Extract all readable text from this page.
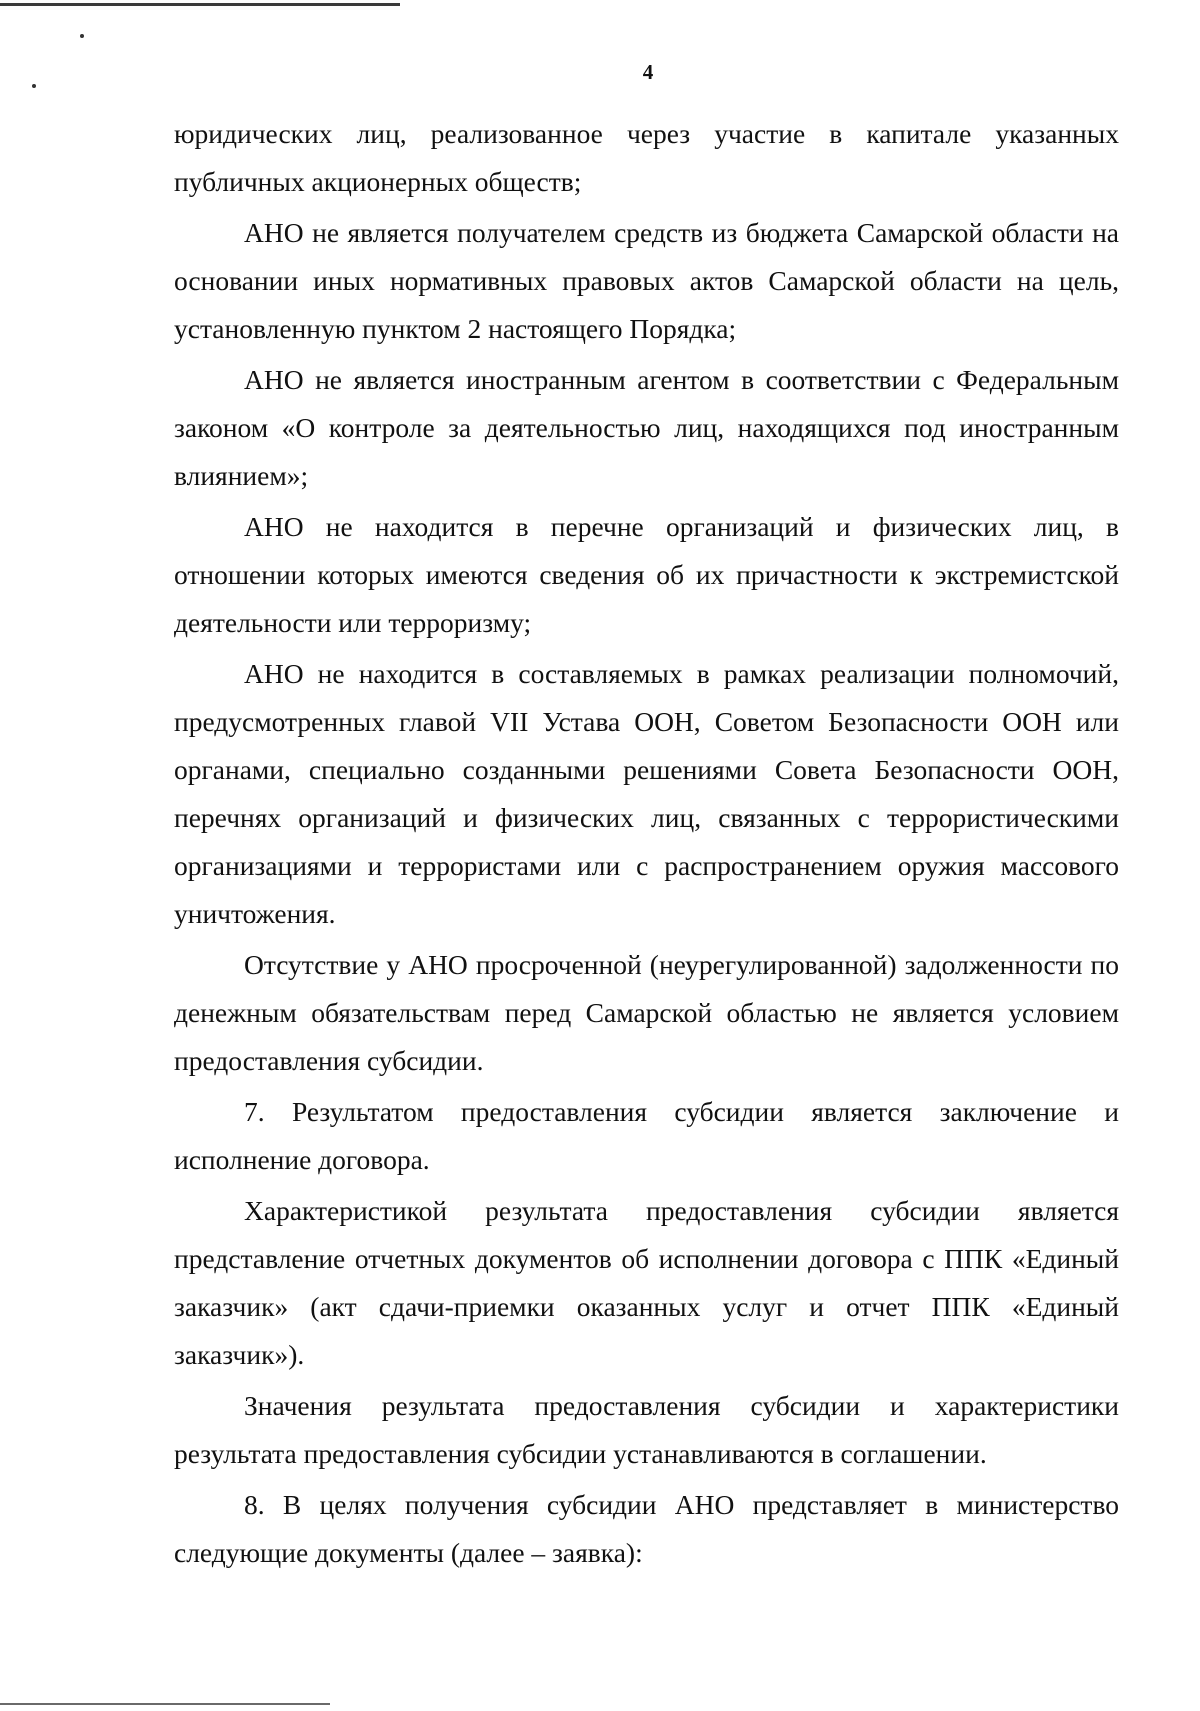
4

юридических лиц, реализованное через участие в капитале указанных публичных акционерных обществ;

АНО не является получателем средств из бюджета Самарской области на основании иных нормативных правовых актов Самарской области на цель, установленную пунктом 2 настоящего Порядка;

АНО не является иностранным агентом в соответствии с Федеральным законом «О контроле за деятельностью лиц, находящихся под иностранным влиянием»;

АНО не находится в перечне организаций и физических лиц, в отношении которых имеются сведения об их причастности к экстремистской деятельности или терроризму;

АНО не находится в составляемых в рамках реализации полномочий, предусмотренных главой VII Устава ООН, Советом Безопасности ООН или органами, специально созданными решениями Совета Безопасности ООН, перечнях организаций и физических лиц, связанных с террористическими организациями и террористами или с распространением оружия массового уничтожения.

Отсутствие у АНО просроченной (неурегулированной) задолженности по денежным обязательствам перед Самарской областью не является условием предоставления субсидии.

7. Результатом предоставления субсидии является заключение и исполнение договора.

Характеристикой результата предоставления субсидии является представление отчетных документов об исполнении договора с ППК «Единый заказчик» (акт сдачи-приемки оказанных услуг и отчет ППК «Единый заказчик»).

Значения результата предоставления субсидии и характеристики результата предоставления субсидии устанавливаются в соглашении.

8. В целях получения субсидии АНО представляет в министерство следующие документы (далее – заявка):
